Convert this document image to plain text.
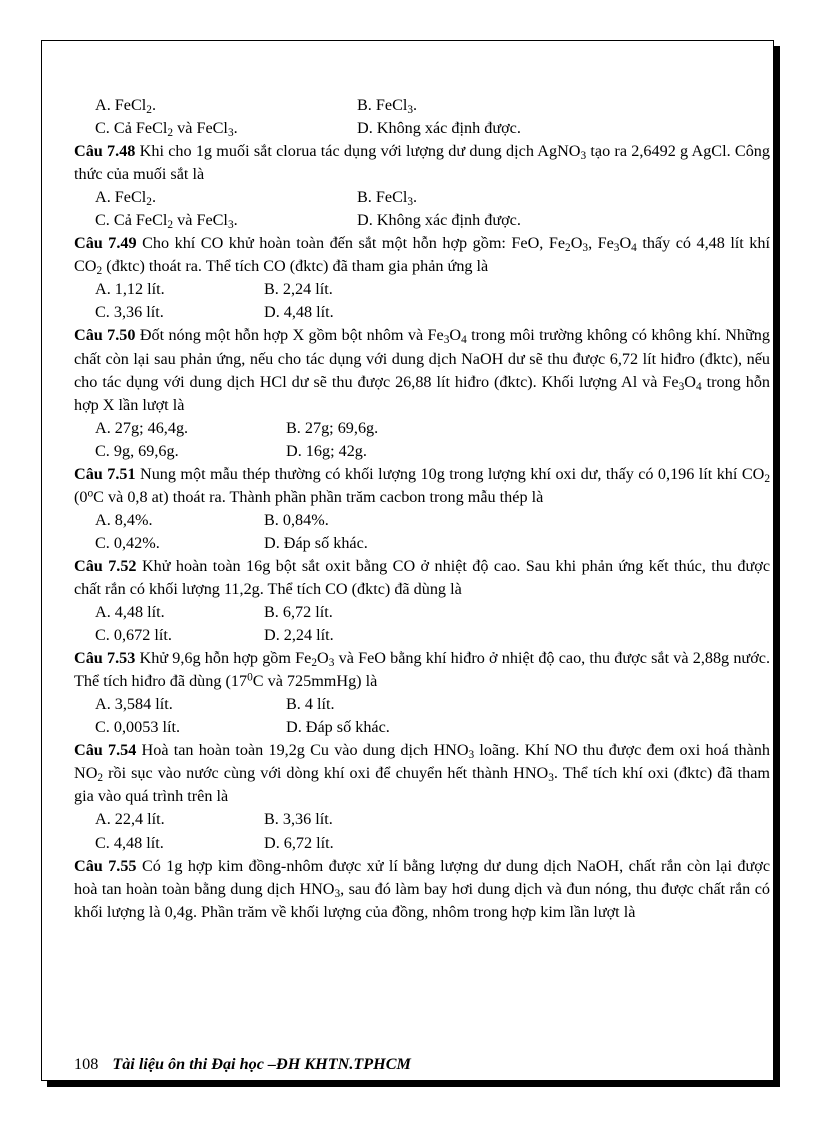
A. FeCl$_2$.	B. FeCl$_3$.
C. Cả FeCl$_2$ và FeCl$_3$.	D. Không xác định được.
Câu 7.48 Khi cho 1g muối sắt clorua tác dụng với lượng dư dung dịch AgNO$_3$ tạo ra 2,6492 g AgCl. Công thức của muối sắt là
A. FeCl$_2$.	B. FeCl$_3$.
C. Cả FeCl$_2$ và FeCl$_3$.	D. Không xác định được.
Câu 7.49 Cho khí CO khử hoàn toàn đến sắt một hỗn hợp gồm: FeO, $Fe_2O_3$, $Fe_3O_4$ thấy có 4,48 lít khí $CO_2$ (đktc) thoát ra. Thể tích CO (đktc) đã tham gia phản ứng là
A. 1,12 lít.	B. 2,24 lít.
C. 3,36 lít.	D. 4,48 lít.
Câu 7.50 Đốt nóng một hỗn hợp X gồm bột nhôm và $Fe_3O_4$ trong môi trường không có không khí. Những chất còn lại sau phản ứng, nếu cho tác dụng với dung dịch NaOH dư sẽ thu được 6,72 lít hiđro (đktc), nếu cho tác dụng với dung dịch HCl dư sẽ thu được 26,88 lít hiđro (đktc). Khối lượng Al và $Fe_3O_4$ trong hỗn hợp X lần lượt là
A. 27g; 46,4g.	B. 27g; 69,6g.
C. 9g, 69,6g.	D. 16g; 42g.
Câu 7.51 Nung một mẫu thép thường có khối lượng 10g trong lượng khí oxi dư, thấy có 0,196 lít khí $CO_2$ (0$^o$C và 0,8 at) thoát ra. Thành phần phần trăm cacbon trong mẫu thép là
A. 8,4%.	B. 0,84%.
C. 0,42%.	D. Đáp số khác.
Câu 7.52 Khử hoàn toàn 16g bột sắt oxit bằng CO ở nhiệt độ cao. Sau khi phản ứng kết thúc, thu được chất rắn có khối lượng 11,2g. Thể tích CO (đktc) đã dùng là
A. 4,48 lít.	B. 6,72 lít.
C. 0,672 lít.	D. 2,24 lít.
Câu 7.53 Khử 9,6g hỗn hợp gồm $Fe_2O_3$ và FeO bằng khí hiđro ở nhiệt độ cao, thu được sắt và 2,88g nước. Thể tích hiđro đã dùng ($17^0C$ và 725mmHg) là
A. 3,584 lít.	B. 4 lít.
C. 0,0053 lít.	D. Đáp số khác.
Câu 7.54 Hoà tan hoàn toàn 19,2g Cu vào dung dịch $HNO_3$ loãng. Khí NO thu được đem oxi hoá thành $NO_2$ rồi sục vào nước cùng với dòng khí oxi để chuyển hết thành $HNO_3$. Thể tích khí oxi (đktc) đã tham gia vào quá trình trên là
A. 22,4 lít.	B. 3,36 lít.
C. 4,48 lít.	D. 6,72 lít.
Câu 7.55 Có 1g hợp kim đồng-nhôm được xử lí bằng lượng dư dung dịch NaOH, chất rắn còn lại được hoà tan hoàn toàn bằng dung dịch $HNO_3$, sau đó làm bay hơi dung dịch và đun nóng, thu được chất rắn có khối lượng là 0,4g. Phần trăm về khối lượng của đồng, nhôm trong hợp kim lần lượt là
108 Tài liệu ôn thi Đại học –ĐH KHTN.TPHCM
